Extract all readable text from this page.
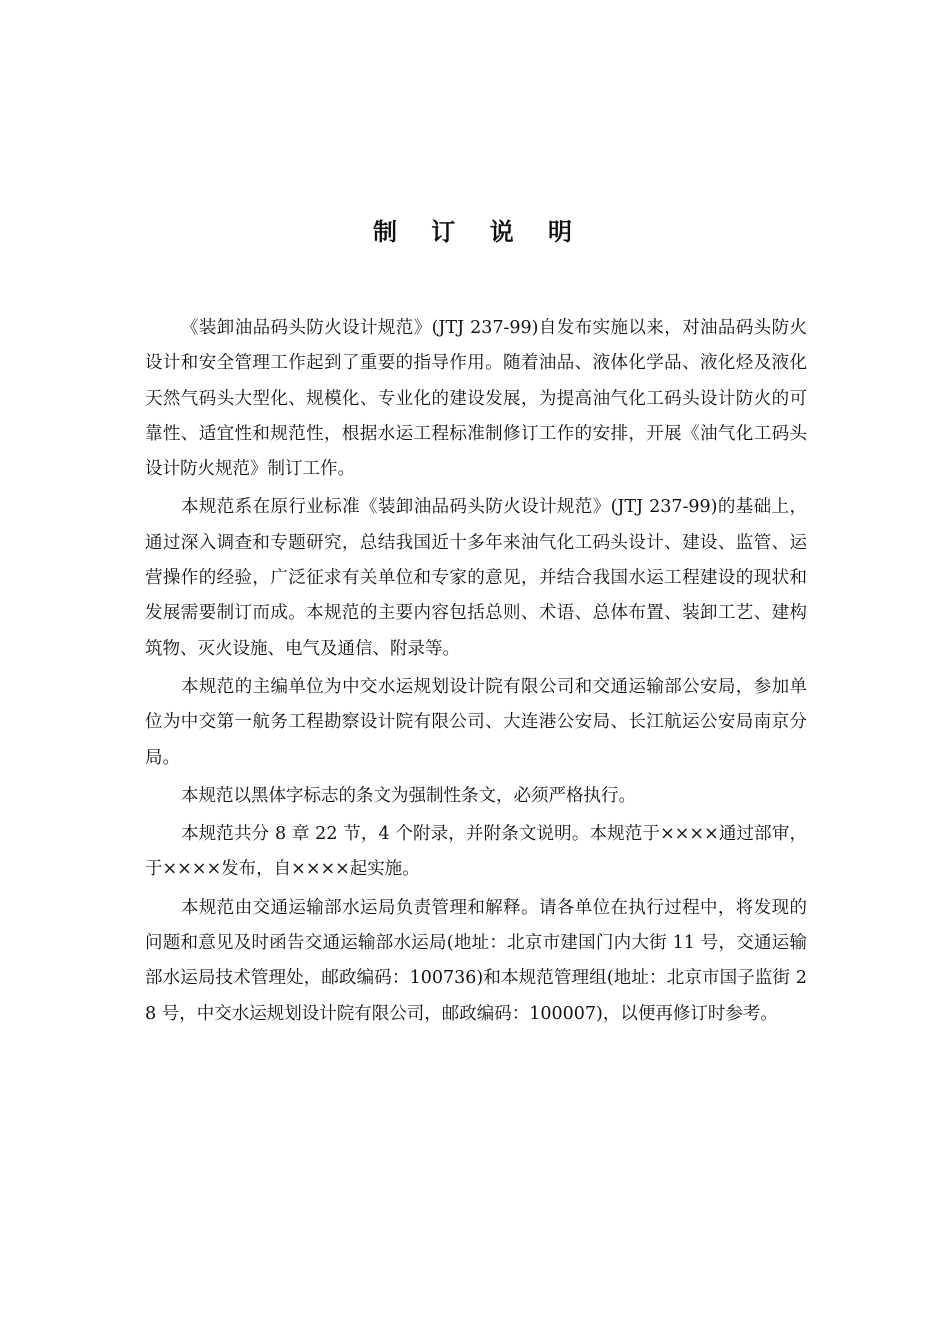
制 订 说 明

《装卸油品码头防火设计规范》(JTJ 237-99)自发布实施以来，对油品码头防火设计和安全管理工作起到了重要的指导作用。随着油品、液体化学品、液化烃及液化天然气码头大型化、规模化、专业化的建设发展，为提高油气化工码头设计防火的可靠性、适宜性和规范性，根据水运工程标准制修订工作的安排，开展《油气化工码头设计防火规范》制订工作。

本规范系在原行业标准《装卸油品码头防火设计规范》(JTJ 237-99)的基础上，通过深入调查和专题研究，总结我国近十多年来油气化工码头设计、建设、监管、运营操作的经验，广泛征求有关单位和专家的意见，并结合我国水运工程建设的现状和发展需要制订而成。本规范的主要内容包括总则、术语、总体布置、装卸工艺、建构筑物、灭火设施、电气及通信、附录等。

本规范的主编单位为中交水运规划设计院有限公司和交通运输部公安局，参加单位为中交第一航务工程勘察设计院有限公司、大连港公安局、长江航运公安局南京分局。

本规范以黑体字标志的条文为强制性条文，必须严格执行。

本规范共分 8 章 22 节，4 个附录，并附条文说明。本规范于××××通过部审，于××××发布，自××××起实施。

本规范由交通运输部水运局负责管理和解释。请各单位在执行过程中，将发现的问题和意见及时函告交通运输部水运局(地址：北京市建国门内大街 11 号，交通运输部水运局技术管理处，邮政编码：100736)和本规范管理组(地址：北京市国子监街 28 号，中交水运规划设计院有限公司，邮政编码：100007)，以便再修订时参考。
